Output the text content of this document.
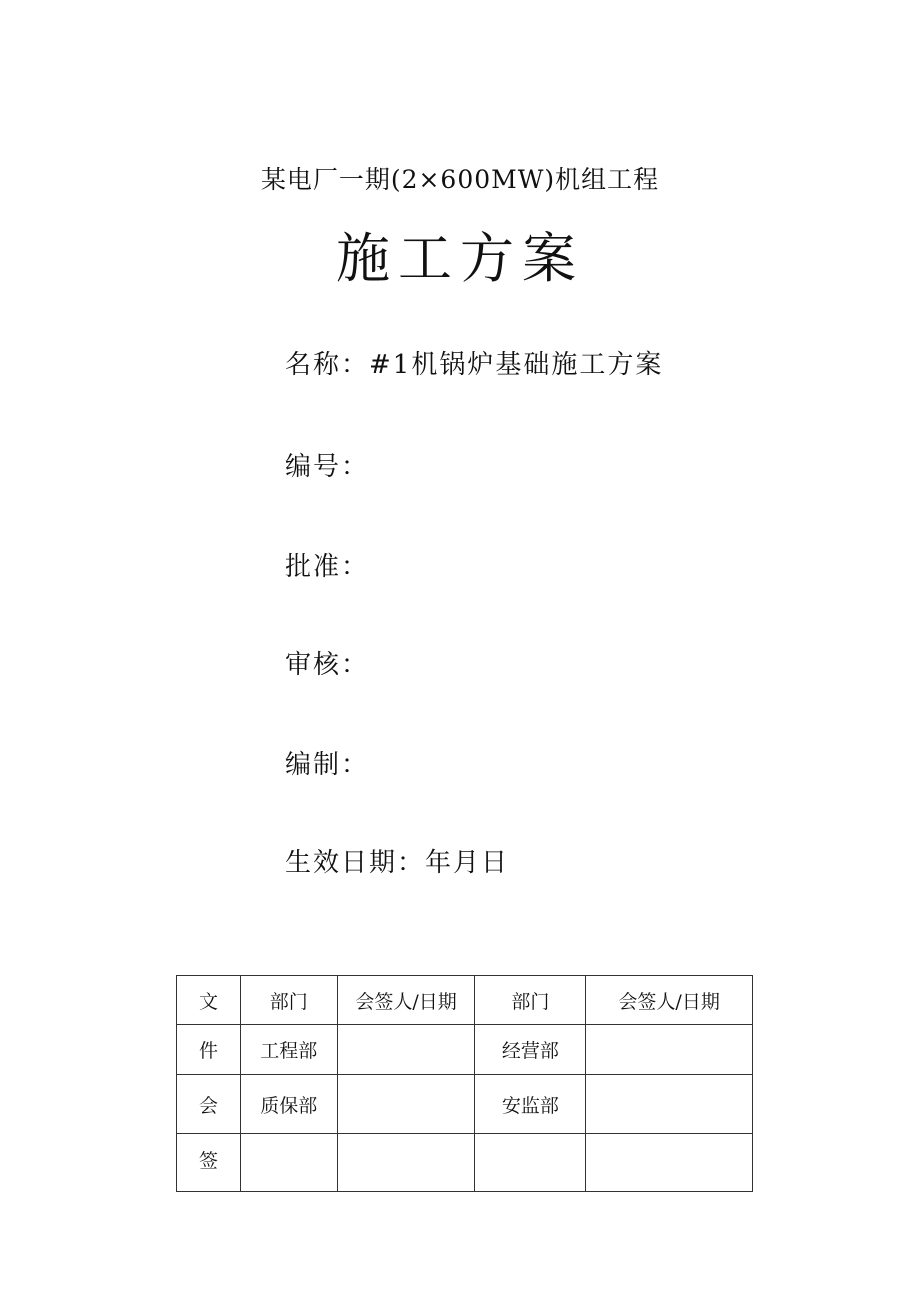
某电厂一期(2×600MW)机组工程
施工方案
名称：#1机锅炉基础施工方案
编号：
批准：
审核：
编制：
生效日期：年月日
文	部门	会签人/日期	部门	会签人/日期
件	工程部		经营部	
会	质保部		安监部	
签				
